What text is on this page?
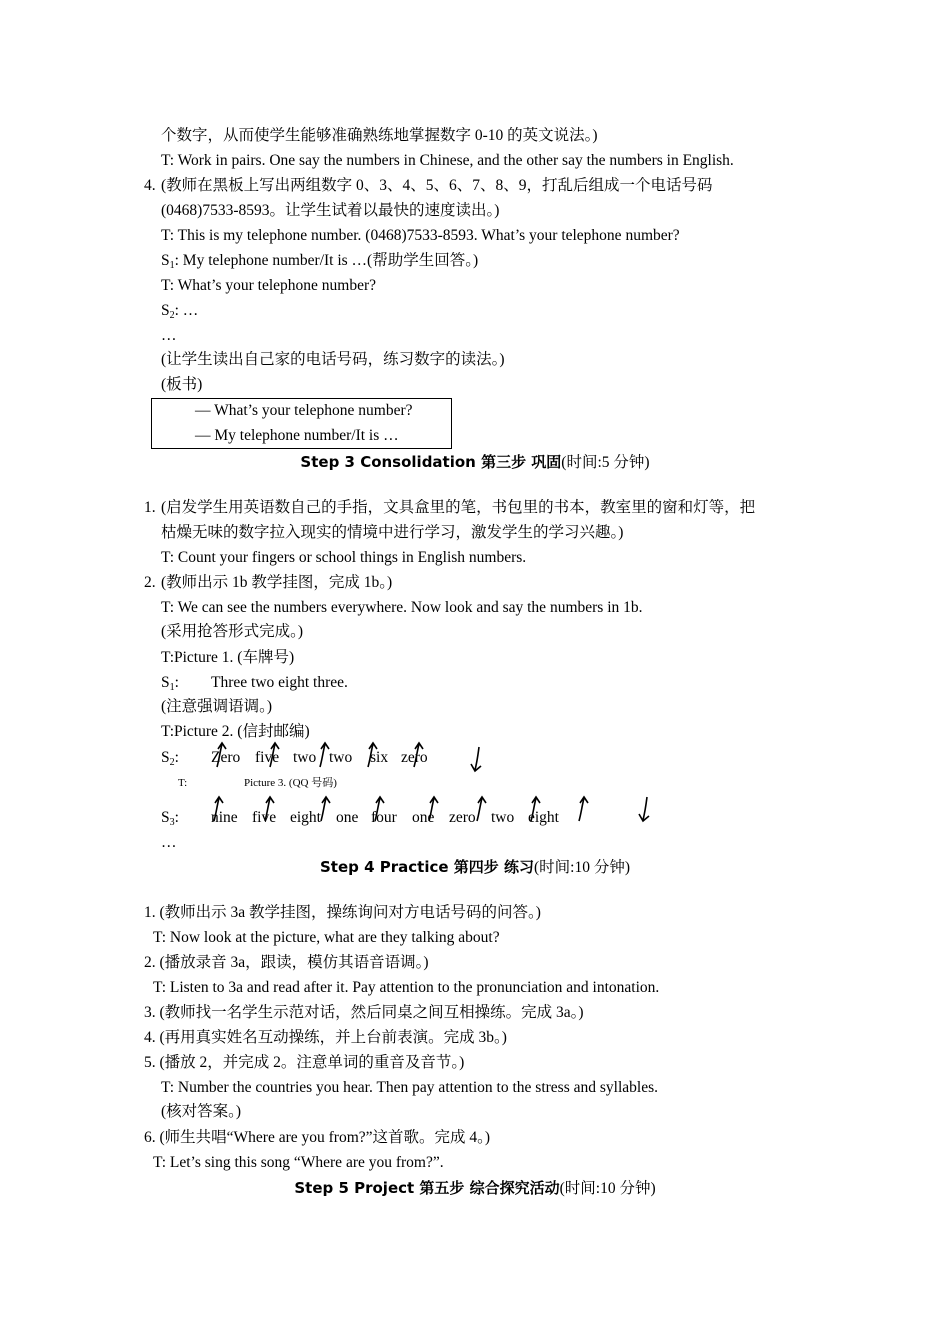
个数字，从而使学生能够准确熟练地掌握数字 0-10 的英文说法。)
T: Work in pairs. One say the numbers in Chinese, and the other say the numbers in English.
4. (教师在黑板上写出两组数字 0、3、4、5、6、7、8、9，打乱后组成一个电话号码
(0468)7533-8593。让学生试着以最快的速度读出。)
T: This is my telephone number. (0468)7533-8593. What’s your telephone number?
$S_1$: My telephone number/It is …(帮助学生回答。)
T: What’s your telephone number?
$S_2$: …
…
(让学生读出自己家的电话号码，练习数字的读法。)
(板书)
— What’s your telephone number?
— My telephone number/It is …
Step 3 Consolidation 第三步 巩固(时间:5 分钟)
1. (启发学生用英语数自己的手指，文具盒里的笔，书包里的书本，教室里的窗和灯等，把
枯燥无味的数字拉入现实的情境中进行学习，激发学生的学习兴趣。)
T: Count your fingers or school things in English numbers.
2. (教师出示 1b 教学挂图，完成 1b。)
T: We can see the numbers everywhere. Now look and say the numbers in 1b.
(采用抢答形式完成。)
T:Picture 1. (车牌号)
$S_1$: Three two eight three.
(注意强调语调。)
T:Picture 2. (信封邮编)
$S_2$: Zero five two two six zero
T:	Picture 3. (QQ 号码)
$S_3$: nine five eight one four one zero two eight
…
Step 4 Practice 第四步 练习(时间:10 分钟)
1. (教师出示 3a 教学挂图，操练询问对方电话号码的问答。)
T: Now look at the picture, what are they talking about?
2. (播放录音 3a，跟读，模仿其语音语调。)
T: Listen to 3a and read after it. Pay attention to the pronunciation and intonation.
3. (教师找一名学生示范对话，然后同桌之间互相操练。完成 3a。)
4. (再用真实姓名互动操练，并上台前表演。完成 3b。)
5. (播放 2，并完成 2。注意单词的重音及音节。)
T: Number the countries you hear. Then pay attention to the stress and syllables.
(核对答案。)
6. (师生共唱“Where are you from?”这首歌。完成 4。)
T: Let’s sing this song “Where are you from?”.
Step 5 Project 第五步 综合探究活动(时间:10 分钟)
